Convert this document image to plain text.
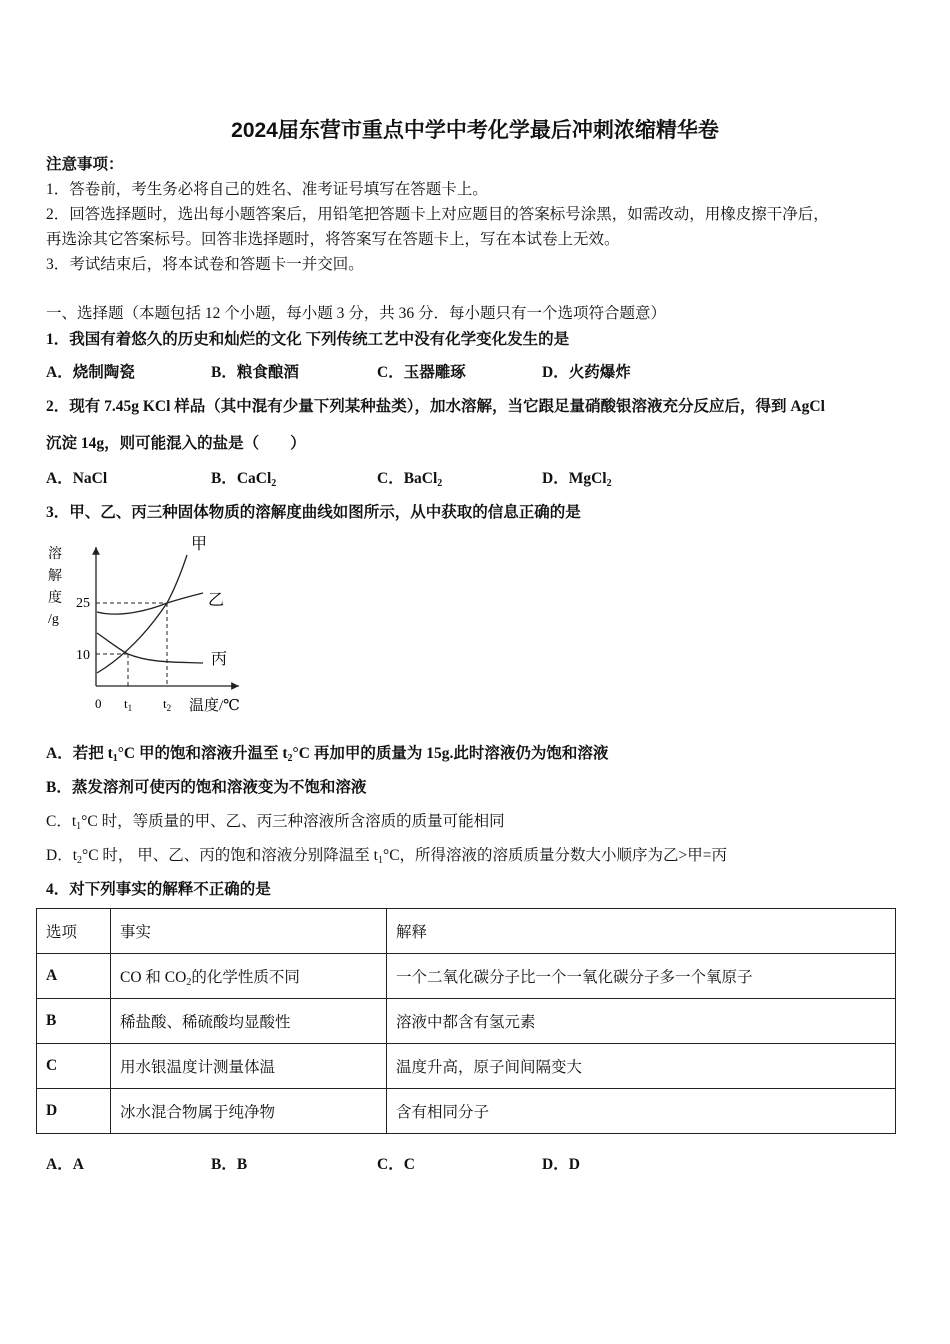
2024届东营市重点中学中考化学最后冲刺浓缩精华卷
注意事项：
1．答卷前，考生务必将自己的姓名、准考证号填写在答题卡上。
2．回答选择题时，选出每小题答案后，用铅笔把答题卡上对应题目的答案标号涂黑，如需改动，用橡皮擦干净后，
再选涂其它答案标号。回答非选择题时，将答案写在答题卡上，写在本试卷上无效。
3．考试结束后，将本试卷和答题卡一并交回。
一、选择题（本题包括 12 个小题，每小题 3 分，共 36 分．每小题只有一个选项符合题意）
1．我国有着悠久的历史和灿烂的文化 下列传统工艺中没有化学变化发生的是
A．烧制陶瓷	B．粮食酿酒	C．玉器雕琢	D．火药爆炸
2．现有 7.45g KCl 样品（其中混有少量下列某种盐类），加水溶解，当它跟足量硝酸银溶液充分反应后，得到 AgCl
沉淀 14g，则可能混入的盐是（　　）
A．NaCl	B．CaCl$_2$	C．BaCl$_2$	D．MgCl$_2$
3．甲、乙、丙三种固体物质的溶解度曲线如图所示，从中获取的信息正确的是
溶
解
度
/g
25
10
0 $t_1$ $t_2$ 温度/℃
甲
乙
丙
A．若把 $t_1^\circ C$ 甲的饱和溶液升温至 $t_2^\circ C$ 再加甲的质量为 15g.此时溶液仍为饱和溶液
B．蒸发溶剂可使丙的饱和溶液变为不饱和溶液
C．$t_1^\circ C$ 时，等质量的甲、乙、丙三种溶液所含溶质的质量可能相同
D．$t_2^\circ C$ 时， 甲、乙、丙的饱和溶液分别降温至 $t_1^\circ C$，所得溶液的溶质质量分数大小顺序为乙>甲=丙
4．对下列事实的解释不正确的是
选项	事实	解释
A	CO 和 $CO_2$的化学性质不同	一个二氧化碳分子比一个一氧化碳分子多一个氧原子
B	稀盐酸、稀硫酸均显酸性	溶液中都含有氢元素
C	用水银温度计测量体温	温度升高，原子间间隔变大
D	冰水混合物属于纯净物	含有相同分子
A．A	B．B	C．C	D．D
